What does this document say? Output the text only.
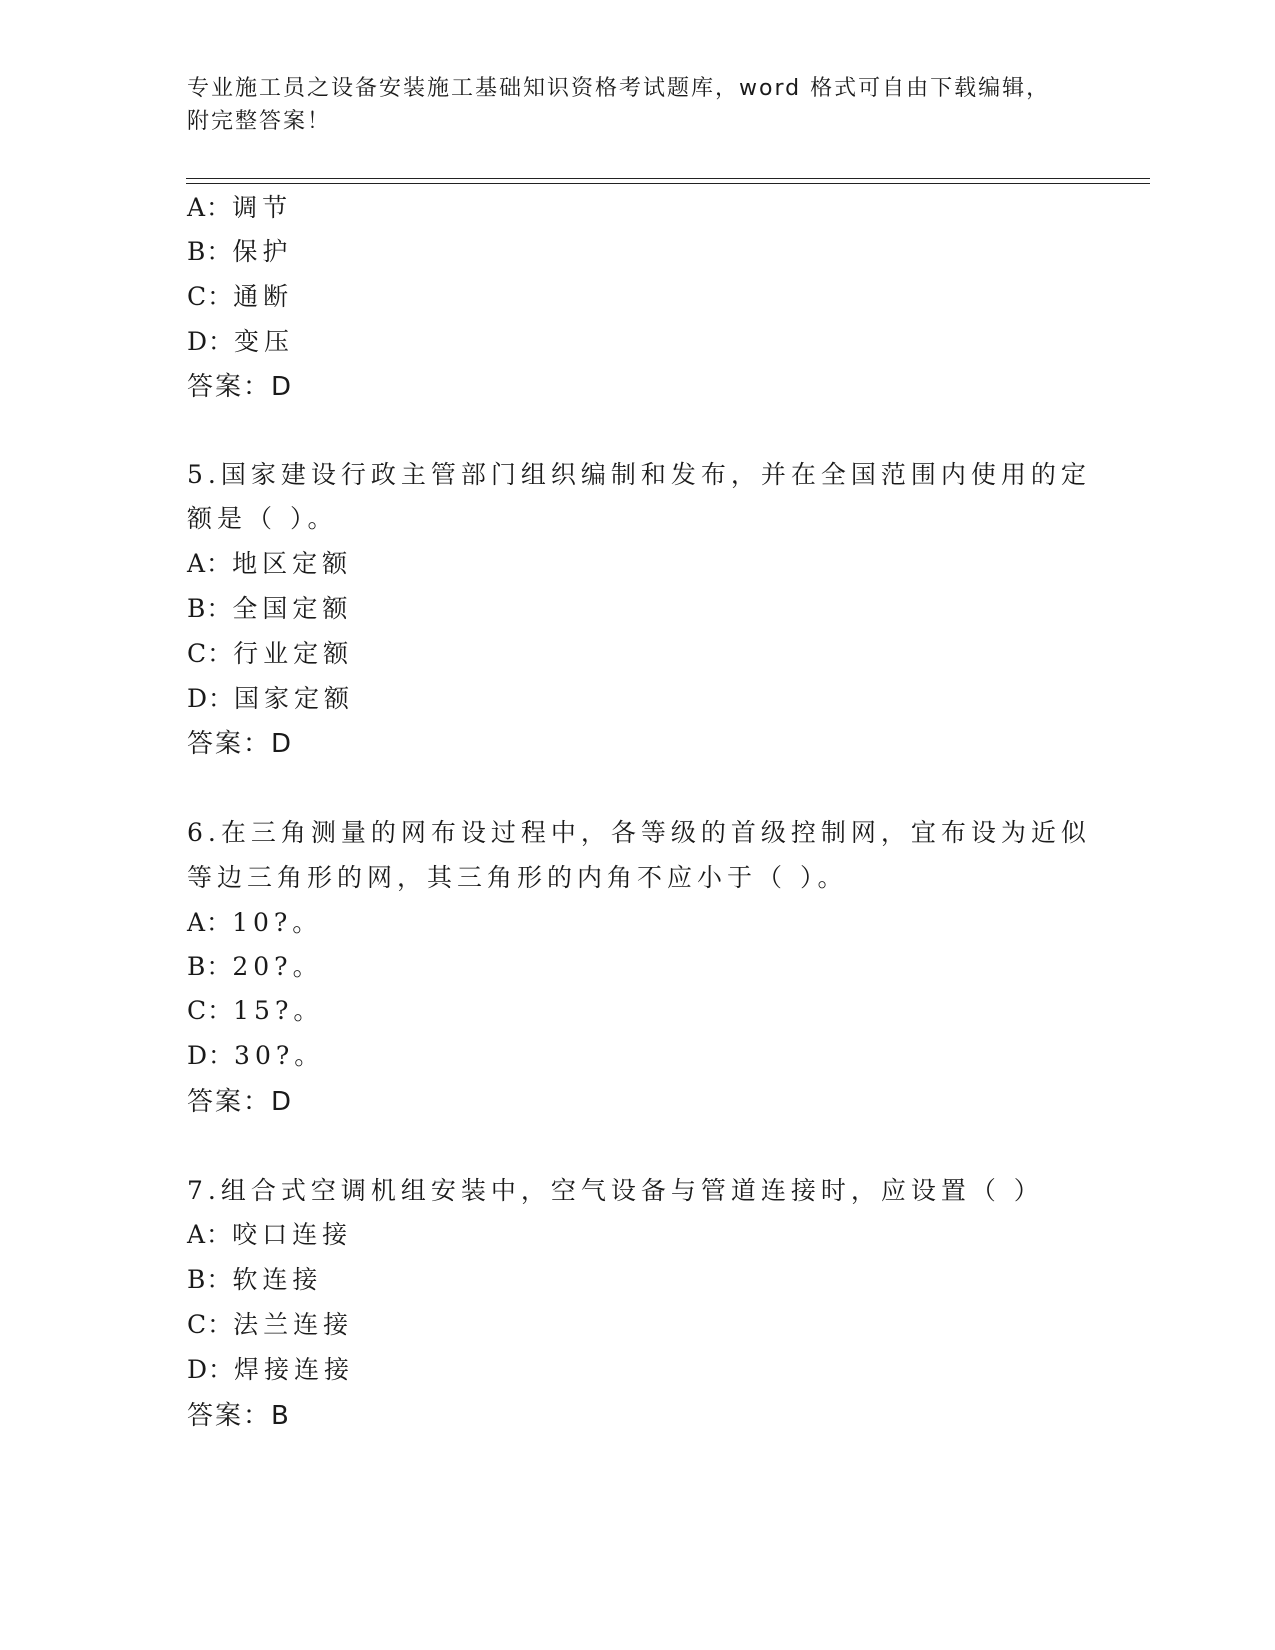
专业施工员之设备安装施工基础知识资格考试题库，word 格式可自由下载编辑，
附完整答案！
A：调节
B：保护
C：通断
D：变压
答案：D
5.国家建设行政主管部门组织编制和发布，并在全国范围内使用的定
额是（ ）。
A：地区定额
B：全国定额
C：行业定额
D：国家定额
答案：D
6.在三角测量的网布设过程中，各等级的首级控制网，宜布设为近似
等边三角形的网，其三角形的内角不应小于（ ）。
A：10?。
B：20?。
C：15?。
D：30?。
答案：D
7.组合式空调机组安装中，空气设备与管道连接时，应设置（ ）
A：咬口连接
B：软连接
C：法兰连接
D：焊接连接
答案：B
